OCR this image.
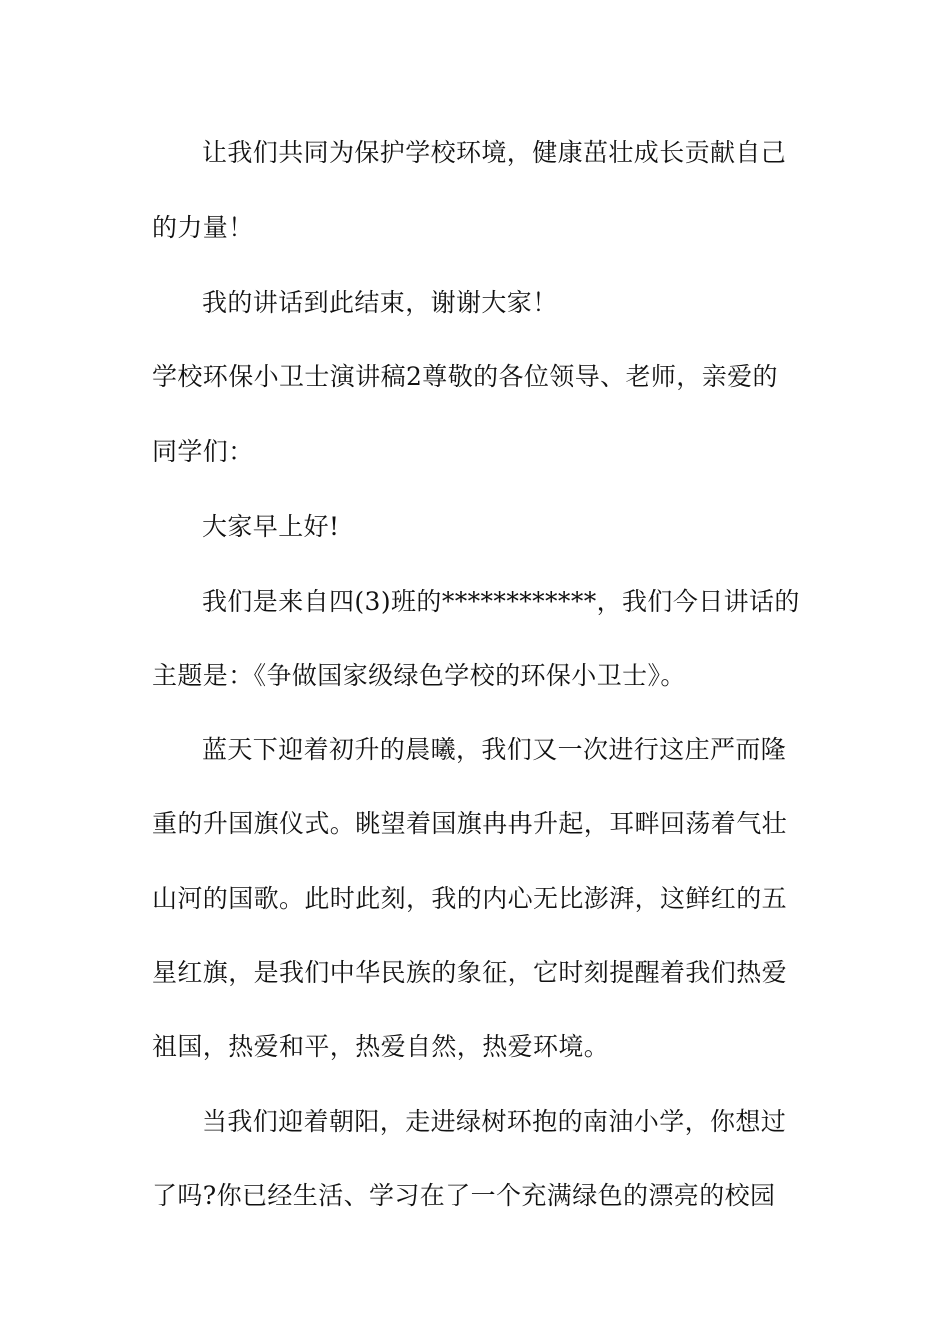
让我们共同为保护学校环境，健康茁壮成长贡献自己
的力量！
我的讲话到此结束，谢谢大家！
学校环保小卫士演讲稿2尊敬的各位领导、老师，亲爱的
同学们：
大家早上好!
我们是来自四(3)班的************，我们今日讲话的
主题是：《争做国家级绿色学校的环保小卫士》。
蓝天下迎着初升的晨曦，我们又一次进行这庄严而隆
重的升国旗仪式。眺望着国旗冉冉升起，耳畔回荡着气壮
山河的国歌。此时此刻，我的内心无比澎湃，这鲜红的五
星红旗，是我们中华民族的象征，它时刻提醒着我们热爱
祖国，热爱和平，热爱自然，热爱环境。
当我们迎着朝阳，走进绿树环抱的南油小学，你想过
了吗?你已经生活、学习在了一个充满绿色的漂亮的校园
